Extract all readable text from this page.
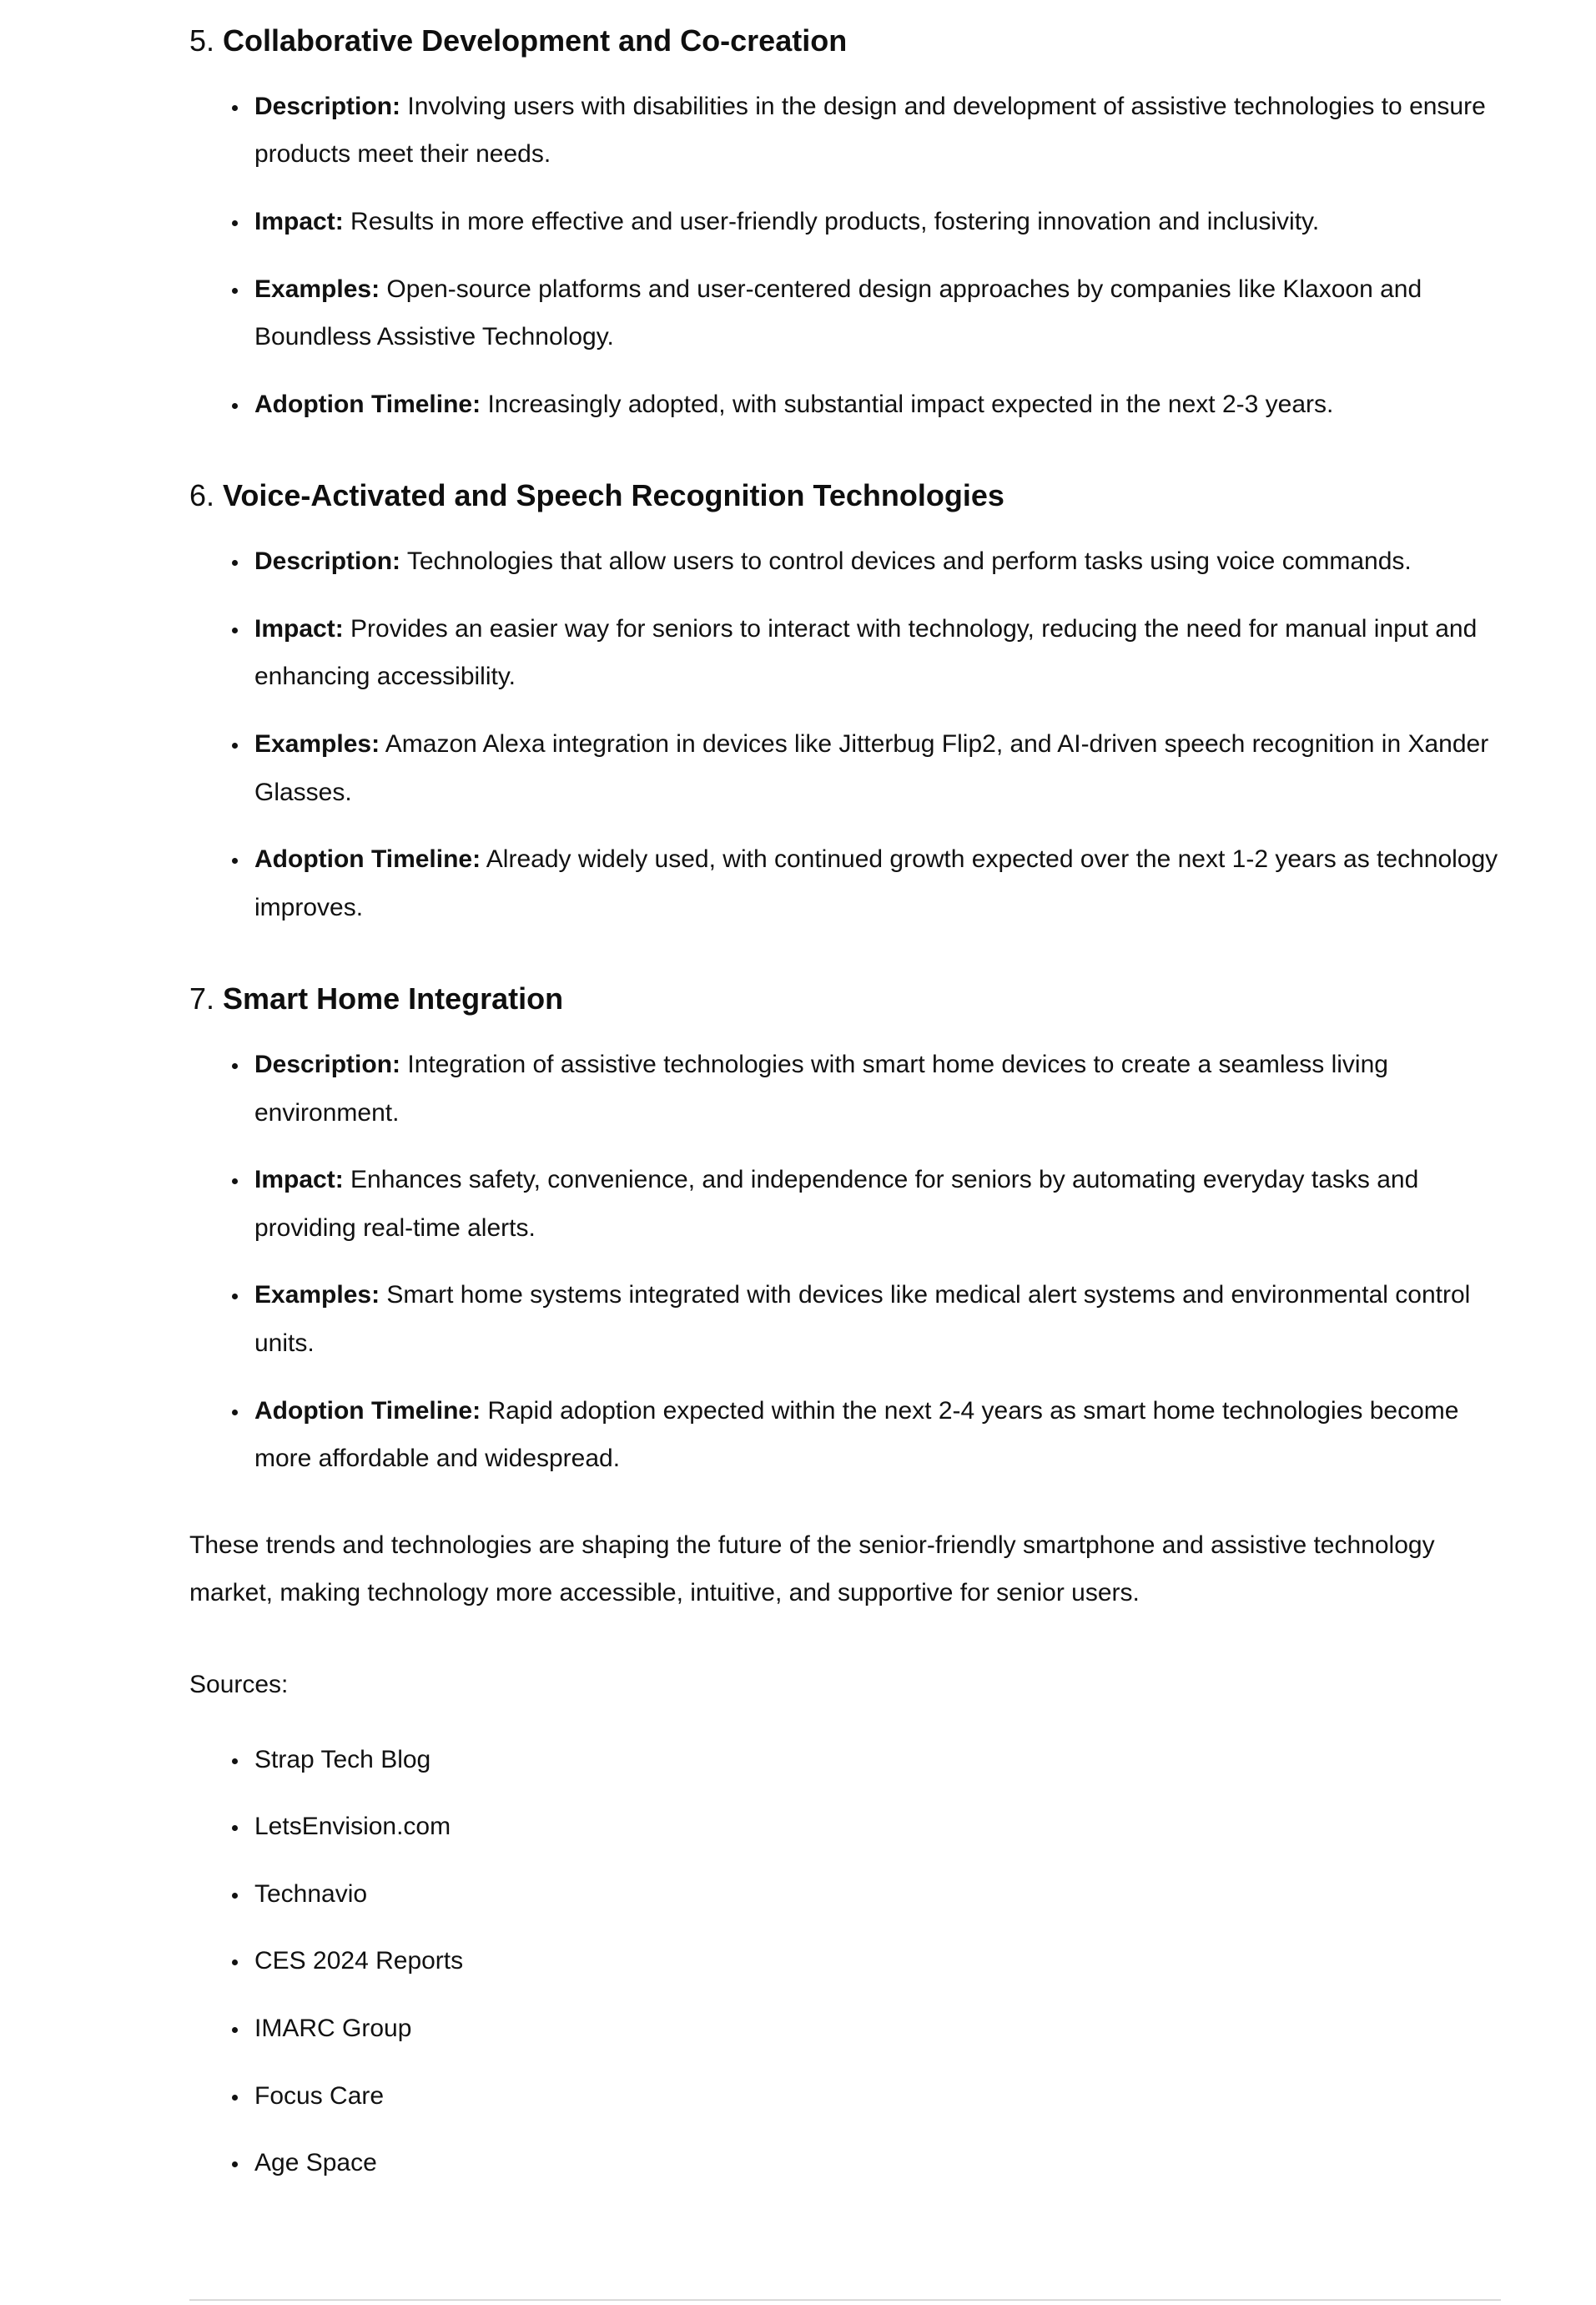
5. Collaborative Development and Co-creation
• Description: Involving users with disabilities in the design and development of assistive technologies to ensure products meet their needs.
• Impact: Results in more effective and user-friendly products, fostering innovation and inclusivity.
• Examples: Open-source platforms and user-centered design approaches by companies like Klaxoon and Boundless Assistive Technology.
• Adoption Timeline: Increasingly adopted, with substantial impact expected in the next 2-3 years.
6. Voice-Activated and Speech Recognition Technologies
• Description: Technologies that allow users to control devices and perform tasks using voice commands.
• Impact: Provides an easier way for seniors to interact with technology, reducing the need for manual input and enhancing accessibility.
• Examples: Amazon Alexa integration in devices like Jitterbug Flip2, and AI-driven speech recognition in Xander Glasses.
• Adoption Timeline: Already widely used, with continued growth expected over the next 1-2 years as technology improves.
7. Smart Home Integration
• Description: Integration of assistive technologies with smart home devices to create a seamless living environment.
• Impact: Enhances safety, convenience, and independence for seniors by automating everyday tasks and providing real-time alerts.
• Examples: Smart home systems integrated with devices like medical alert systems and environmental control units.
• Adoption Timeline: Rapid adoption expected within the next 2-4 years as smart home technologies become more affordable and widespread.

These trends and technologies are shaping the future of the senior-friendly smartphone and assistive technology market, making technology more accessible, intuitive, and supportive for senior users.

Sources:

• Strap Tech Blog
• LetsEnvision.com
• Technavio
• CES 2024 Reports
• IMARC Group
• Focus Care
• Age Space
